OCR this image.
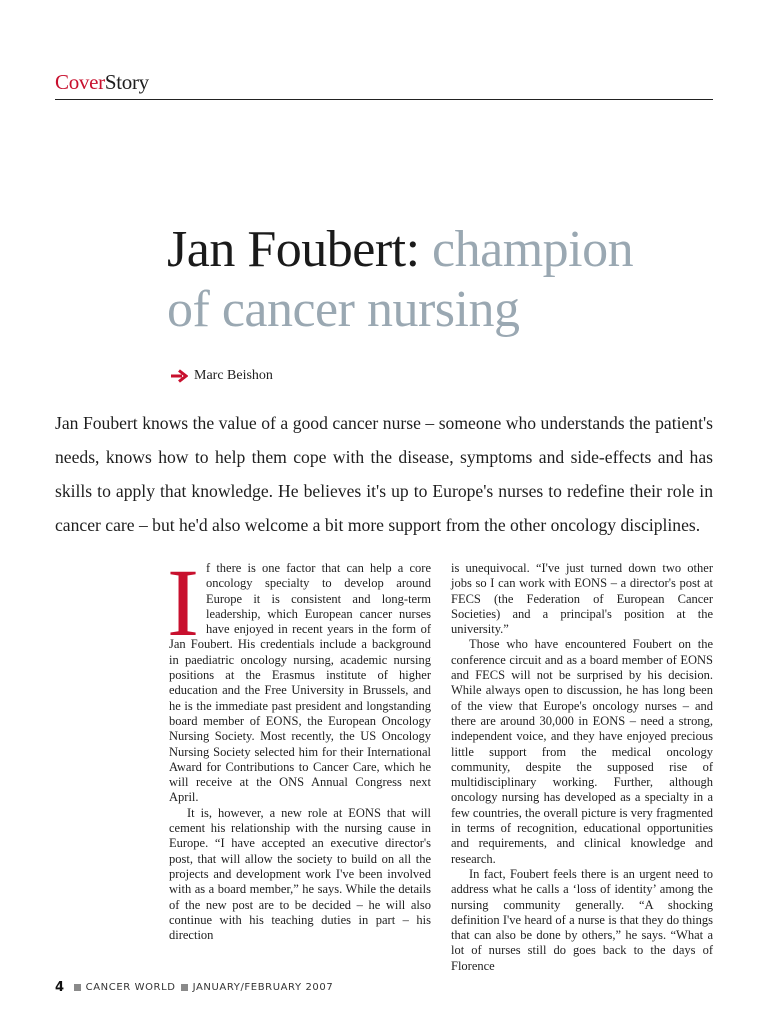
CoverStory
Jan Foubert: champion
of cancer nursing
Marc Beishon

Jan Foubert knows the value of a good cancer nurse – someone who understands the patient's needs, knows how to help them cope with the disease, symptoms and side-effects and has skills to apply that knowledge. He believes it's up to Europe's nurses to redefine their role in cancer care – but he'd also welcome a bit more support from the other oncology disciplines.

If there is one factor that can help a core oncology specialty to develop around Europe it is consistent and long-term leadership, which European cancer nurses have enjoyed in recent years in the form of Jan Foubert. His credentials include a background in paediatric oncology nursing, academic nursing positions at the Erasmus institute of higher education and the Free University in Brussels, and he is the immediate past president and longstanding board member of EONS, the European Oncology Nursing Society. Most recently, the US Oncology Nursing Society selected him for their International Award for Contributions to Cancer Care, which he will receive at the ONS Annual Congress next April.

It is, however, a new role at EONS that will cement his relationship with the nursing cause in Europe. “I have accepted an executive director's post, that will allow the society to build on all the projects and development work I've been involved with as a board member,” he says. While the details of the new post are to be decided – he will also continue with his teaching duties in part – his direction

is unequivocal. “I've just turned down two other jobs so I can work with EONS – a director's post at FECS (the Federation of European Cancer Societies) and a principal's position at the university.”

Those who have encountered Foubert on the conference circuit and as a board member of EONS and FECS will not be surprised by his decision. While always open to discussion, he has long been of the view that Europe's oncology nurses – and there are around 30,000 in EONS – need a strong, independent voice, and they have enjoyed precious little support from the medical oncology community, despite the supposed rise of multidisciplinary working. Further, although oncology nursing has developed as a specialty in a few countries, the overall picture is very fragmented in terms of recognition, educational opportunities and requirements, and clinical knowledge and research.

In fact, Foubert feels there is an urgent need to address what he calls a ‘loss of identity’ among the nursing community generally. “A shocking definition I've heard of a nurse is that they do things that can also be done by others,” he says. “What a lot of nurses still do goes back to the days of Florence

4 CANCER WORLD JANUARY/FEBRUARY 2007
